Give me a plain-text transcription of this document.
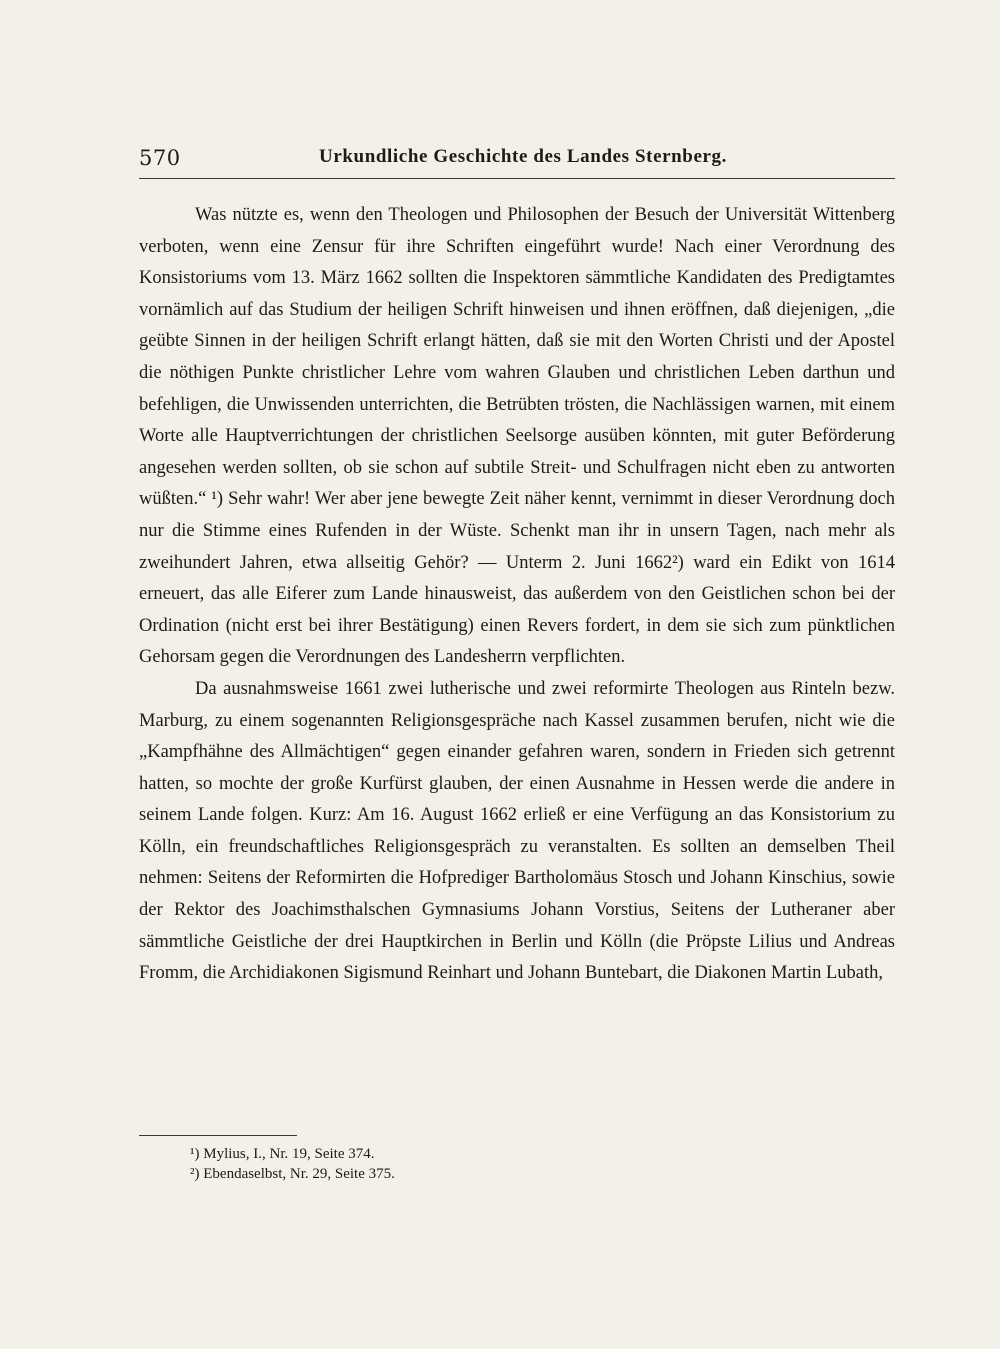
570	Urkundliche Geschichte des Landes Sternberg.

Was nützte es, wenn den Theologen und Philosophen der Besuch der Universität Wittenberg verboten, wenn eine Zensur für ihre Schriften eingeführt wurde! Nach einer Verordnung des Konsistoriums vom 13. März 1662 sollten die Inspektoren sämmtliche Kandidaten des Predigtamtes vornämlich auf das Studium der heiligen Schrift hinweisen und ihnen eröffnen, daß diejenigen, „die geübte Sinnen in der heiligen Schrift erlangt hätten, daß sie mit den Worten Christi und der Apostel die nöthigen Punkte christlicher Lehre vom wahren Glauben und christlichen Leben darthun und befehligen, die Unwissenden unterrichten, die Betrübten trösten, die Nachlässigen warnen, mit einem Worte alle Hauptverrichtungen der christlichen Seelsorge ausüben könnten, mit guter Beförderung angesehen werden sollten, ob sie schon auf subtile Streit- und Schulfragen nicht eben zu antworten wüßten.“ ¹) Sehr wahr! Wer aber jene bewegte Zeit näher kennt, vernimmt in dieser Verordnung doch nur die Stimme eines Rufenden in der Wüste. Schenkt man ihr in unsern Tagen, nach mehr als zweihundert Jahren, etwa allseitig Gehör? — Unterm 2. Juni 1662²) ward ein Edikt von 1614 erneuert, das alle Eiferer zum Lande hinausweist, das außerdem von den Geistlichen schon bei der Ordination (nicht erst bei ihrer Bestätigung) einen Revers fordert, in dem sie sich zum pünktlichen Gehorsam gegen die Verordnungen des Landesherrn verpflichten.

Da ausnahmsweise 1661 zwei lutherische und zwei reformirte Theologen aus Rinteln bezw. Marburg, zu einem sogenannten Religionsgespräche nach Kassel zusammen berufen, nicht wie die „Kampfhähne des Allmächtigen“ gegen einander gefahren waren, sondern in Frieden sich getrennt hatten, so mochte der große Kurfürst glauben, der einen Ausnahme in Hessen werde die andere in seinem Lande folgen. Kurz: Am 16. August 1662 erließ er eine Verfügung an das Konsistorium zu Kölln, ein freundschaftliches Religionsgespräch zu veranstalten. Es sollten an demselben Theil nehmen: Seitens der Reformirten die Hofprediger Bartholomäus Stosch und Johann Kinschius, sowie der Rektor des Joachimsthalschen Gymnasiums Johann Vorstius, Seitens der Lutheraner aber sämmtliche Geistliche der drei Hauptkirchen in Berlin und Kölln (die Pröpste Lilius und Andreas Fromm, die Archidiakonen Sigismund Reinhart und Johann Buntebart, die Diakonen Martin Lubath,

¹) Mylius, I., Nr. 19, Seite 374.

²) Ebendaselbst, Nr. 29, Seite 375.
